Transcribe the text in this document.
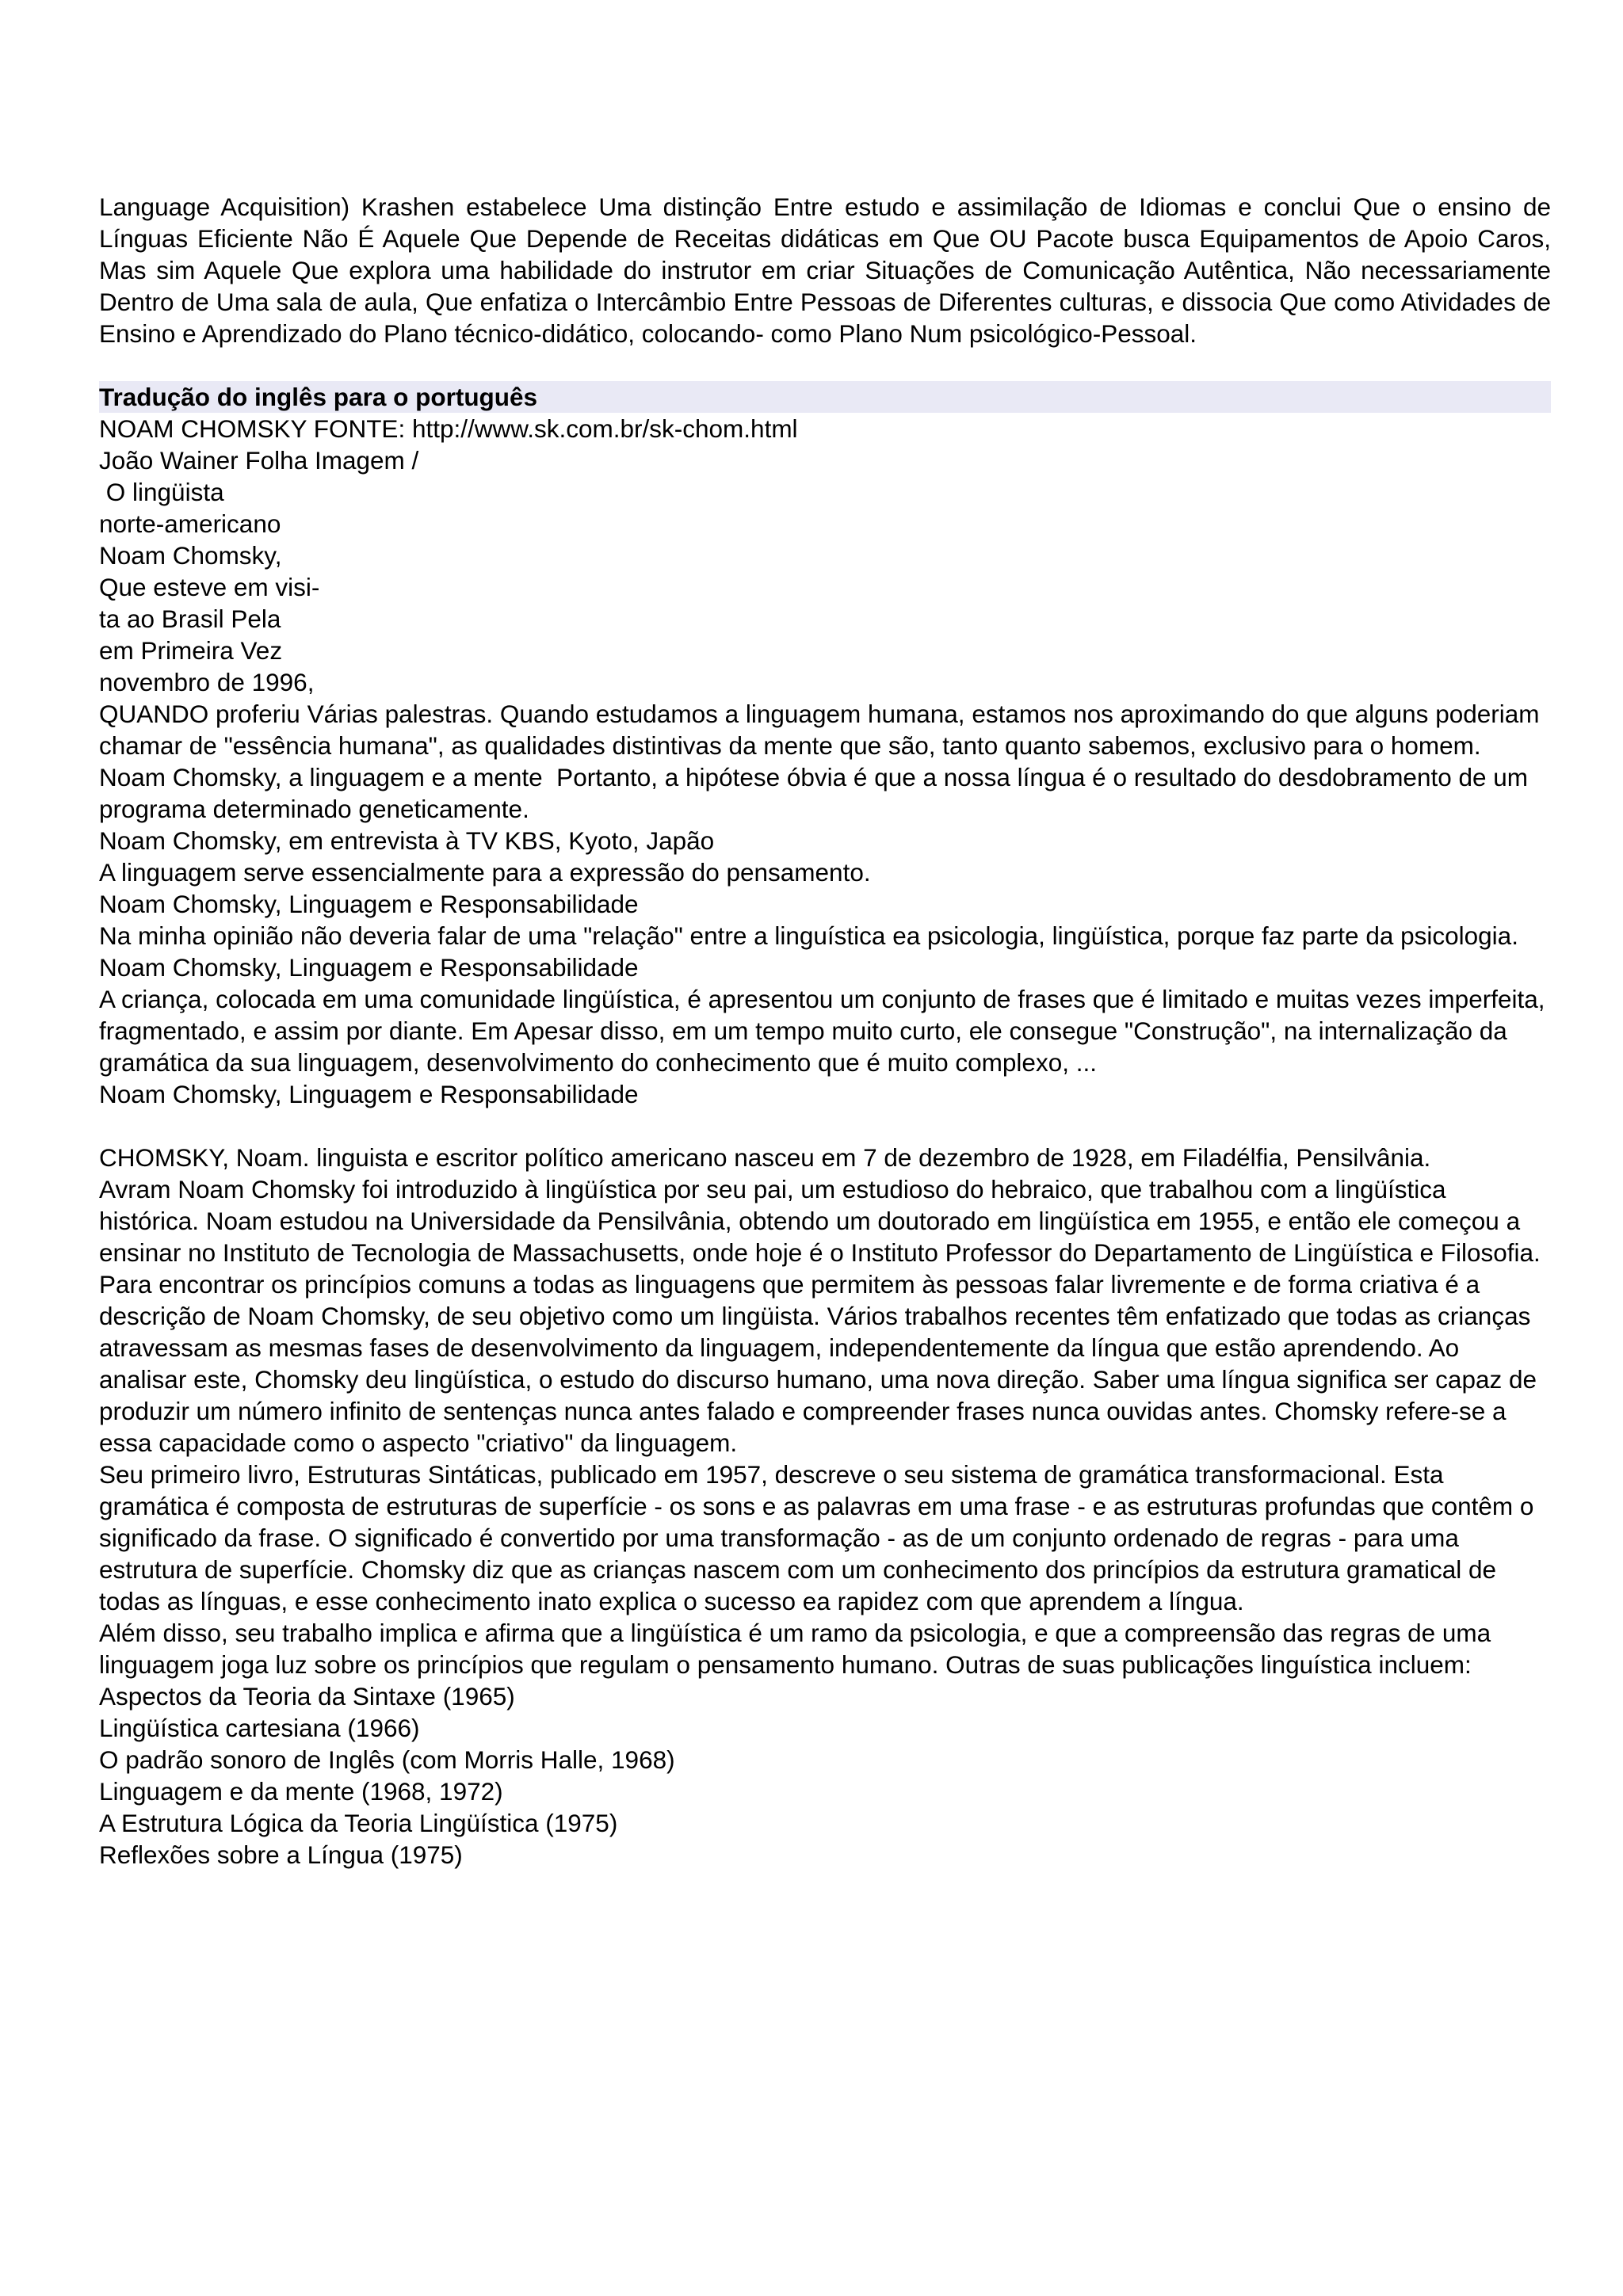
Language Acquisition) Krashen estabelece Uma distinção Entre estudo e assimilação de Idiomas e conclui Que o ensino de Línguas Eficiente Não É Aquele Que Depende de Receitas didáticas em Que OU Pacote busca Equipamentos de Apoio Caros, Mas sim Aquele Que explora uma habilidade do instrutor em criar Situações de Comunicação Autêntica, Não necessariamente Dentro de Uma sala de aula, Que enfatiza o Intercâmbio Entre Pessoas de Diferentes culturas, e dissocia Que como Atividades de Ensino e Aprendizado do Plano técnico-didático, colocando- como Plano Num psicológico-Pessoal.

Tradução do inglês para o português
NOAM CHOMSKY FONTE: http://www.sk.com.br/sk-chom.html
João Wainer Folha Imagem /
O lingüista
norte-americano
Noam Chomsky,
Que esteve em visi-
ta ao Brasil Pela
em Primeira Vez
novembro de 1996,
QUANDO proferiu Várias palestras. Quando estudamos a linguagem humana, estamos nos aproximando do que alguns poderiam chamar de "essência humana", as qualidades distintivas da mente que são, tanto quanto sabemos, exclusivo para o homem.
Noam Chomsky, a linguagem e a mente  Portanto, a hipótese óbvia é que a nossa língua é o resultado do desdobramento de um programa determinado geneticamente.
Noam Chomsky, em entrevista à TV KBS, Kyoto, Japão
A linguagem serve essencialmente para a expressão do pensamento.
Noam Chomsky, Linguagem e Responsabilidade
Na minha opinião não deveria falar de uma "relação" entre a linguística ea psicologia, lingüística, porque faz parte da psicologia.
Noam Chomsky, Linguagem e Responsabilidade
A criança, colocada em uma comunidade lingüística, é apresentou um conjunto de frases que é limitado e muitas vezes imperfeita, fragmentado, e assim por diante. Em Apesar disso, em um tempo muito curto, ele consegue "Construção", na internalização da gramática da sua linguagem, desenvolvimento do conhecimento que é muito complexo, ...
Noam Chomsky, Linguagem e Responsabilidade
CHOMSKY, Noam. linguista e escritor político americano nasceu em 7 de dezembro de 1928, em Filadélfia, Pensilvânia.
Avram Noam Chomsky foi introduzido à lingüística por seu pai, um estudioso do hebraico, que trabalhou com a lingüística histórica. Noam estudou na Universidade da Pensilvânia, obtendo um doutorado em lingüística em 1955, e então ele começou a ensinar no Instituto de Tecnologia de Massachusetts, onde hoje é o Instituto Professor do Departamento de Lingüística e Filosofia.
Para encontrar os princípios comuns a todas as linguagens que permitem às pessoas falar livremente e de forma criativa é a descrição de Noam Chomsky, de seu objetivo como um lingüista. Vários trabalhos recentes têm enfatizado que todas as crianças atravessam as mesmas fases de desenvolvimento da linguagem, independentemente da língua que estão aprendendo. Ao analisar este, Chomsky deu lingüística, o estudo do discurso humano, uma nova direção. Saber uma língua significa ser capaz de produzir um número infinito de sentenças nunca antes falado e compreender frases nunca ouvidas antes. Chomsky refere-se a essa capacidade como o aspecto "criativo" da linguagem.
Seu primeiro livro, Estruturas Sintáticas, publicado em 1957, descreve o seu sistema de gramática transformacional. Esta gramática é composta de estruturas de superfície - os sons e as palavras em uma frase - e as estruturas profundas que contêm o significado da frase. O significado é convertido por uma transformação - as de um conjunto ordenado de regras - para uma estrutura de superfície. Chomsky diz que as crianças nascem com um conhecimento dos princípios da estrutura gramatical de todas as línguas, e esse conhecimento inato explica o sucesso ea rapidez com que aprendem a língua.
Além disso, seu trabalho implica e afirma que a lingüística é um ramo da psicologia, e que a compreensão das regras de uma linguagem joga luz sobre os princípios que regulam o pensamento humano. Outras de suas publicações linguística incluem:
Aspectos da Teoria da Sintaxe (1965)
Lingüística cartesiana (1966)
O padrão sonoro de Inglês (com Morris Halle, 1968)
Linguagem e da mente (1968, 1972)
A Estrutura Lógica da Teoria Lingüística (1975)
Reflexões sobre a Língua (1975)
